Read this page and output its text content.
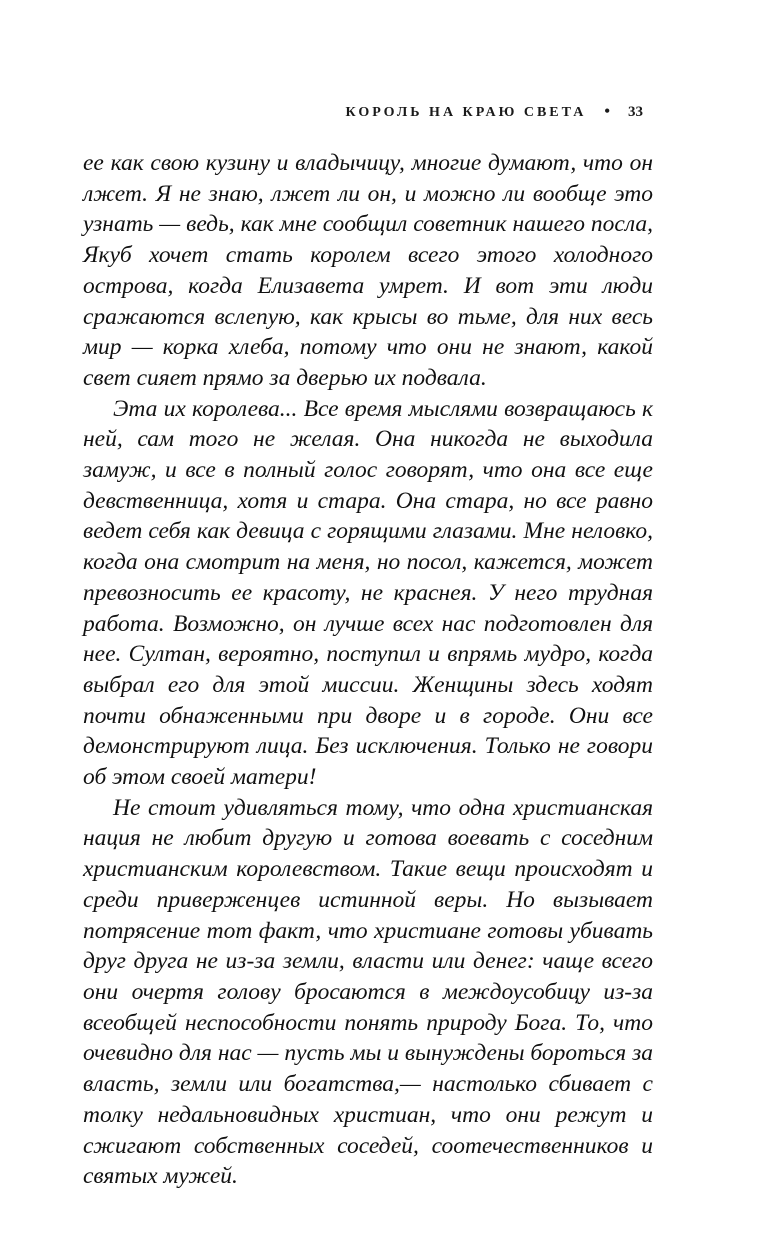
КОРОЛЬ НА КРАЮ СВЕТА • 33

ее как свою кузину и владычицу, многие думают, что он лжет. Я не знаю, лжет ли он, и можно ли вообще это узнать — ведь, как мне сообщил советник нашего посла, Якуб хочет стать королем всего этого холодного острова, когда Елизавета умрет. И вот эти люди сражаются вслепую, как крысы во тьме, для них весь мир — корка хлеба, потому что они не знают, какой свет сияет прямо за дверью их подвала.

Эта их королева... Все время мыслями возвращаюсь к ней, сам того не желая. Она никогда не выходила замуж, и все в полный голос говорят, что она все еще девственница, хотя и стара. Она стара, но все равно ведет себя как девица с горящими глазами. Мне неловко, когда она смотрит на меня, но посол, кажется, может превозносить ее красоту, не краснея. У него трудная работа. Возможно, он лучше всех нас подготовлен для нее. Султан, вероятно, поступил и впрямь мудро, когда выбрал его для этой миссии. Женщины здесь ходят почти обнаженными при дворе и в городе. Они все демонстрируют лица. Без исключения. Только не говори об этом своей матери!

Не стоит удивляться тому, что одна христианская нация не любит другую и готова воевать с соседним христианским королевством. Такие вещи происходят и среди приверженцев истинной веры. Но вызывает потрясение тот факт, что христиане готовы убивать друг друга не из-за земли, власти или денег: чаще всего они очертя голову бросаются в междоусобицу из-за всеобщей неспособности понять природу Бога. То, что очевидно для нас — пусть мы и вынуждены бороться за власть, земли или богатства,— настолько сбивает с толку недальновидных христиан, что они режут и сжигают собственных соседей, соотечественников и святых мужей.
